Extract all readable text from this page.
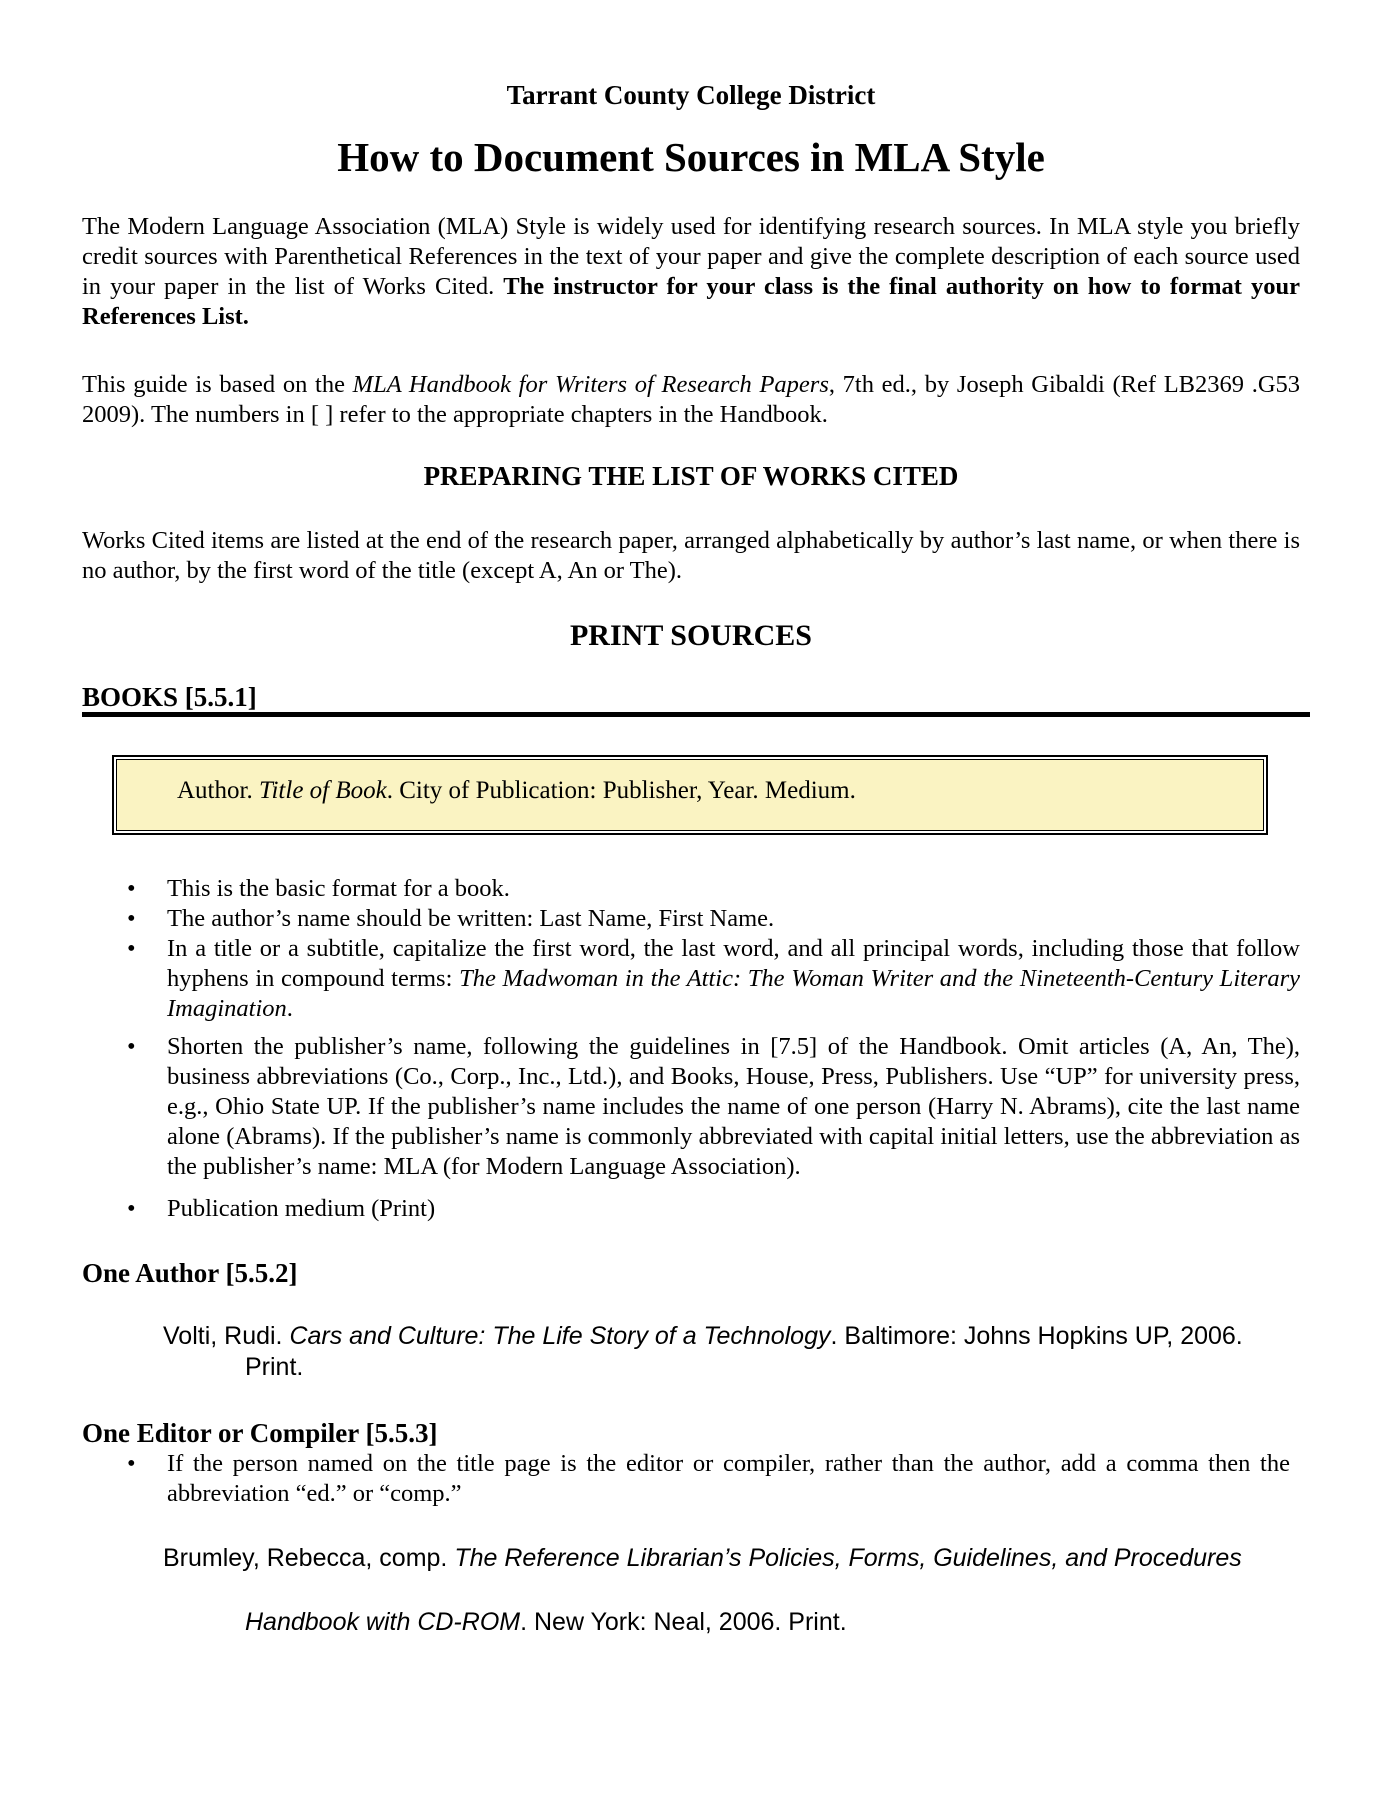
Tarrant County College District
How to Document Sources in MLA Style

The Modern Language Association (MLA) Style is widely used for identifying research sources. In MLA style you briefly credit sources with Parenthetical References in the text of your paper and give the complete description of each source used in your paper in the list of Works Cited. The instructor for your class is the final authority on how to format your References List.

This guide is based on the MLA Handbook for Writers of Research Papers, 7th ed., by Joseph Gibaldi (Ref LB2369 .G53 2009). The numbers in [ ] refer to the appropriate chapters in the Handbook.

PREPARING THE LIST OF WORKS CITED

Works Cited items are listed at the end of the research paper, arranged alphabetically by author’s last name, or when there is no author, by the first word of the title (except A, An or The).

PRINT SOURCES
BOOKS [5.5.1]
Author. Title of Book. City of Publication: Publisher, Year. Medium.
• This is the basic format for a book.
• The author’s name should be written: Last Name, First Name.
• In a title or a subtitle, capitalize the first word, the last word, and all principal words, including those that follow hyphens in compound terms: The Madwoman in the Attic: The Woman Writer and the Nineteenth-Century Literary Imagination.
• Shorten the publisher’s name, following the guidelines in [7.5] of the Handbook. Omit articles (A, An, The), business abbreviations (Co., Corp., Inc., Ltd.), and Books, House, Press, Publishers. Use “UP” for university press, e.g., Ohio State UP. If the publisher’s name includes the name of one person (Harry N. Abrams), cite the last name alone (Abrams). If the publisher’s name is commonly abbreviated with capital initial letters, use the abbreviation as the publisher’s name: MLA (for Modern Language Association).
• Publication medium (Print)
One Author [5.5.2]
Volti, Rudi. Cars and Culture: The Life Story of a Technology. Baltimore: Johns Hopkins UP, 2006.
Print.
One Editor or Compiler [5.5.3]
• If the person named on the title page is the editor or compiler, rather than the author, add a comma then the abbreviation “ed.” or “comp.”
Brumley, Rebecca, comp. The Reference Librarian’s Policies, Forms, Guidelines, and Procedures
Handbook with CD-ROM. New York: Neal, 2006. Print.
